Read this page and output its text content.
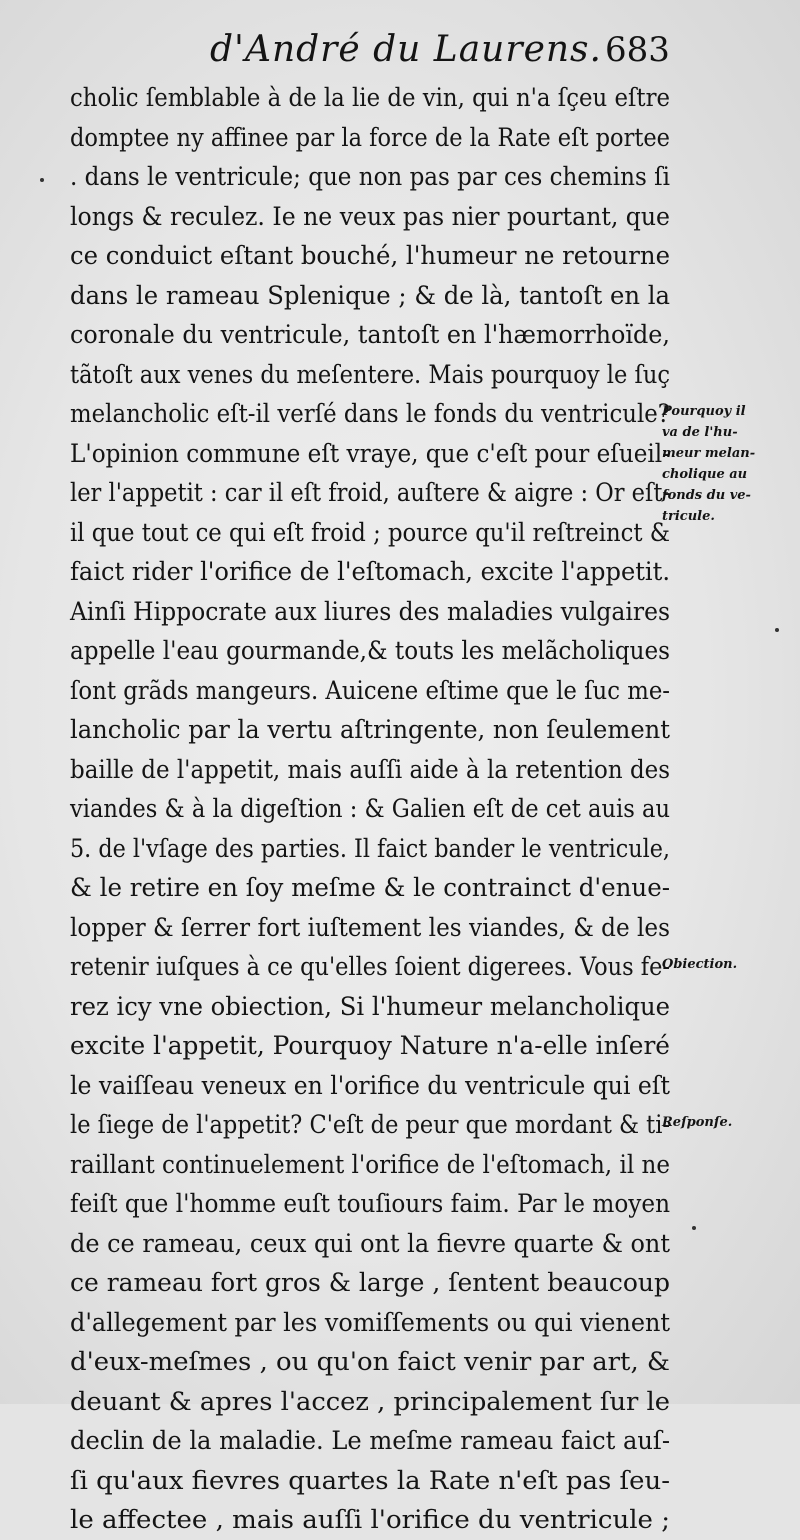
d'André du Laurens. 683
cholic ſemblable à de la lie de vin, qui n'a ſçeu eſtre
domptee ny affinee par la force de la Rate eſt portee
. dans le ventricule; que non pas par ces chemins ſi
longs & reculez. Ie ne veux pas nier pourtant, que
ce conduict eſtant bouché, l'humeur ne retourne
dans le rameau Splenique ; & de là, tantoſt en la
coronale du ventricule, tantoſt en l'hæmorrhoïde,
tãtoſt aux venes du meſentere. Mais pourquoy le ſuç
melancholic eſt-il verſé dans le fonds du ventricule?
L'opinion commune eſt vraye, que c'eſt pour eſueil-
ler l'appetit : car il eſt froid, auſtere & aigre : Or eſt-
il que tout ce qui eſt froid ; pource qu'il reſtreinct &
faict rider l'orifice de l'eſtomach, excite l'appetit.
Ainſi Hippocrate aux liures des maladies vulgaires
appelle l'eau gourmande,& touts les melãcholiques
ſont grãds mangeurs. Auicene eſtime que le ſuc me-
lancholic par la vertu aſtringente, non ſeulement
baille de l'appetit, mais auſſi aide à la retention des
viandes & à la digeſtion : & Galien eſt de cet auis au
5. de l'vſage des parties. Il faict bander le ventricule,
& le retire en ſoy meſme & le contrainct d'enue-
lopper & ſerrer fort iuſtement les viandes, & de les
retenir iuſques à ce qu'elles ſoient digerees. Vous fe-
rez icy vne obiection, Si l'humeur melancholique
excite l'appetit, Pourquoy Nature n'a-elle inſeré
le vaiſſeau veneux en l'orifice du ventricule qui eſt
le ſiege de l'appetit? C'eſt de peur que mordant & ti-
raillant continuelement l'orifice de l'eſtomach, il ne
feiſt que l'homme euſt touſiours faim. Par le moyen
de ce rameau, ceux qui ont la fievre quarte & ont
ce rameau fort gros & large , ſentent beaucoup
d'allegement par les vomiſſements ou qui vienent
d'eux-meſmes , ou qu'on faict venir par art, &
deuant & apres l'accez , principalement ſur le
declin de la maladie. Le meſme rameau faict auſ-
ſi qu'aux fievres quartes la Rate n'eſt pas ſeu-
le affectee , mais auſſi l'orifice du ventricule ;
Pourquoy il
va de l'hu-
meur melan-
cholique au
fonds du ve-
tricule.
Obiection.
Reſponſe.
